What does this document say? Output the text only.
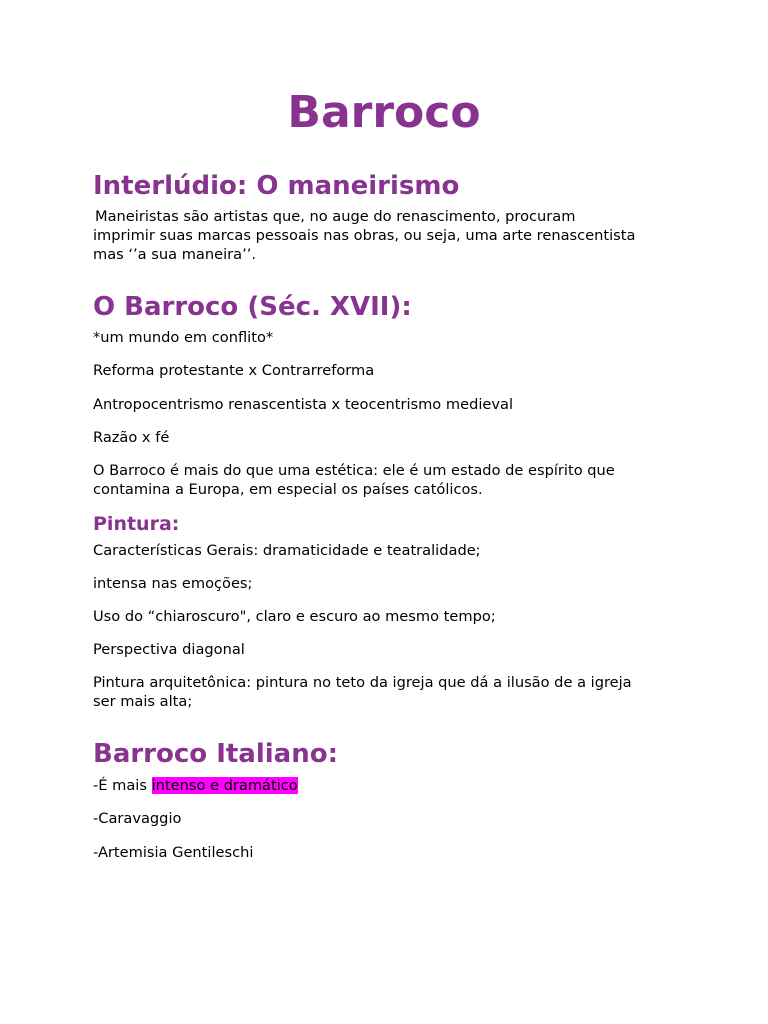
Barroco
Interlúdio: O maneirismo

Maneiristas são artistas que, no auge do renascimento, procuram

imprimir suas marcas pessoais nas obras, ou seja, uma arte renascentista

mas ‘’a sua maneira’’.

O Barroco (Séc. XVII):

*um mundo em conflito*

Reforma protestante x Contrarreforma

Antropocentrismo renascentista x teocentrismo medieval

Razão x fé

O Barroco é mais do que uma estética: ele é um estado de espírito que

contamina a Europa, em especial os países católicos.

Pintura:

Características Gerais: dramaticidade e teatralidade;

intensa nas emoções;

Uso do “chiaroscuro", claro e escuro ao mesmo tempo;

Perspectiva diagonal

Pintura arquitetônica: pintura no teto da igreja que dá a ilusão de a igreja

ser mais alta;

Barroco Italiano:

-É mais intenso e dramático

-Caravaggio

-Artemisia Gentileschi
